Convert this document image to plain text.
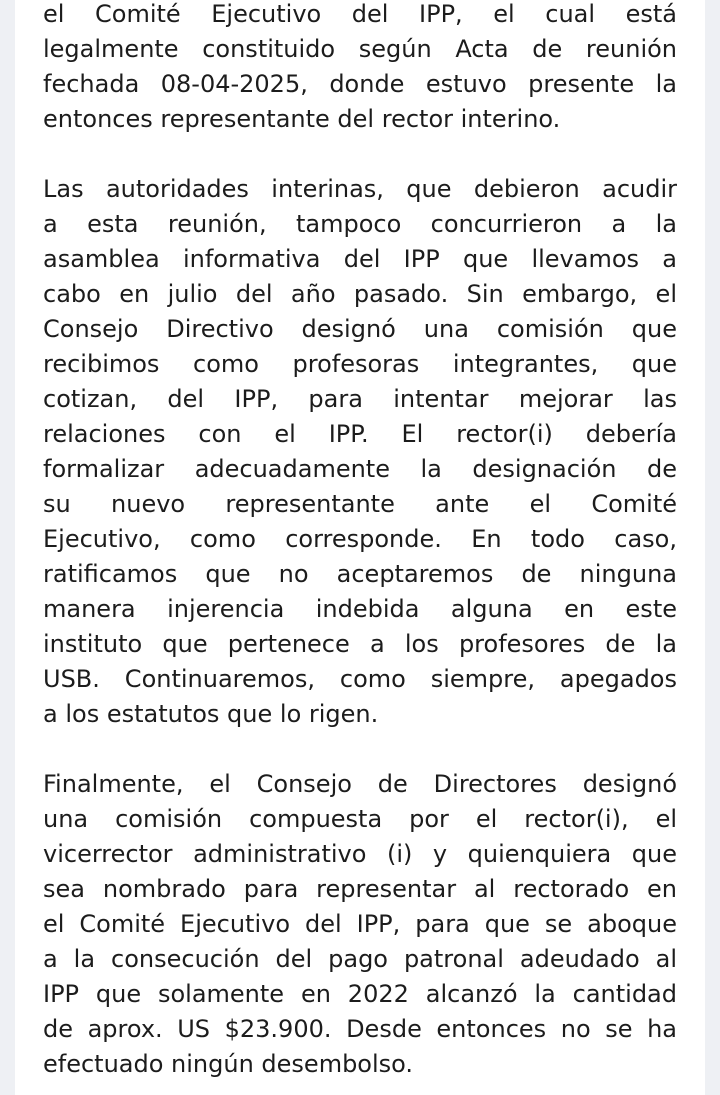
el Comité Ejecutivo del IPP, el cual está
legalmente constituido según Acta de reunión
fechada 08-04-2025, donde estuvo presente la
entonces representante del rector interino.

Las autoridades interinas, que debieron acudir
a esta reunión, tampoco concurrieron a la
asamblea informativa del IPP que llevamos a
cabo en julio del año pasado. Sin embargo, el
Consejo Directivo designó una comisión que
recibimos como profesoras integrantes, que
cotizan, del IPP, para intentar mejorar las
relaciones con el IPP. El rector(i) debería
formalizar adecuadamente la designación de
su nuevo representante ante el Comité
Ejecutivo, como corresponde. En todo caso,
ratificamos que no aceptaremos de ninguna
manera injerencia indebida alguna en este
instituto que pertenece a los profesores de la
USB. Continuaremos, como siempre, apegados
a los estatutos que lo rigen.

Finalmente, el Consejo de Directores designó
una comisión compuesta por el rector(i), el
vicerrector administrativo (i) y quienquiera que
sea nombrado para representar al rectorado en
el Comité Ejecutivo del IPP, para que se aboque
a la consecución del pago patronal adeudado al
IPP que solamente en 2022 alcanzó la cantidad
de aprox. US $23.900. Desde entonces no se ha
efectuado ningún desembolso.
